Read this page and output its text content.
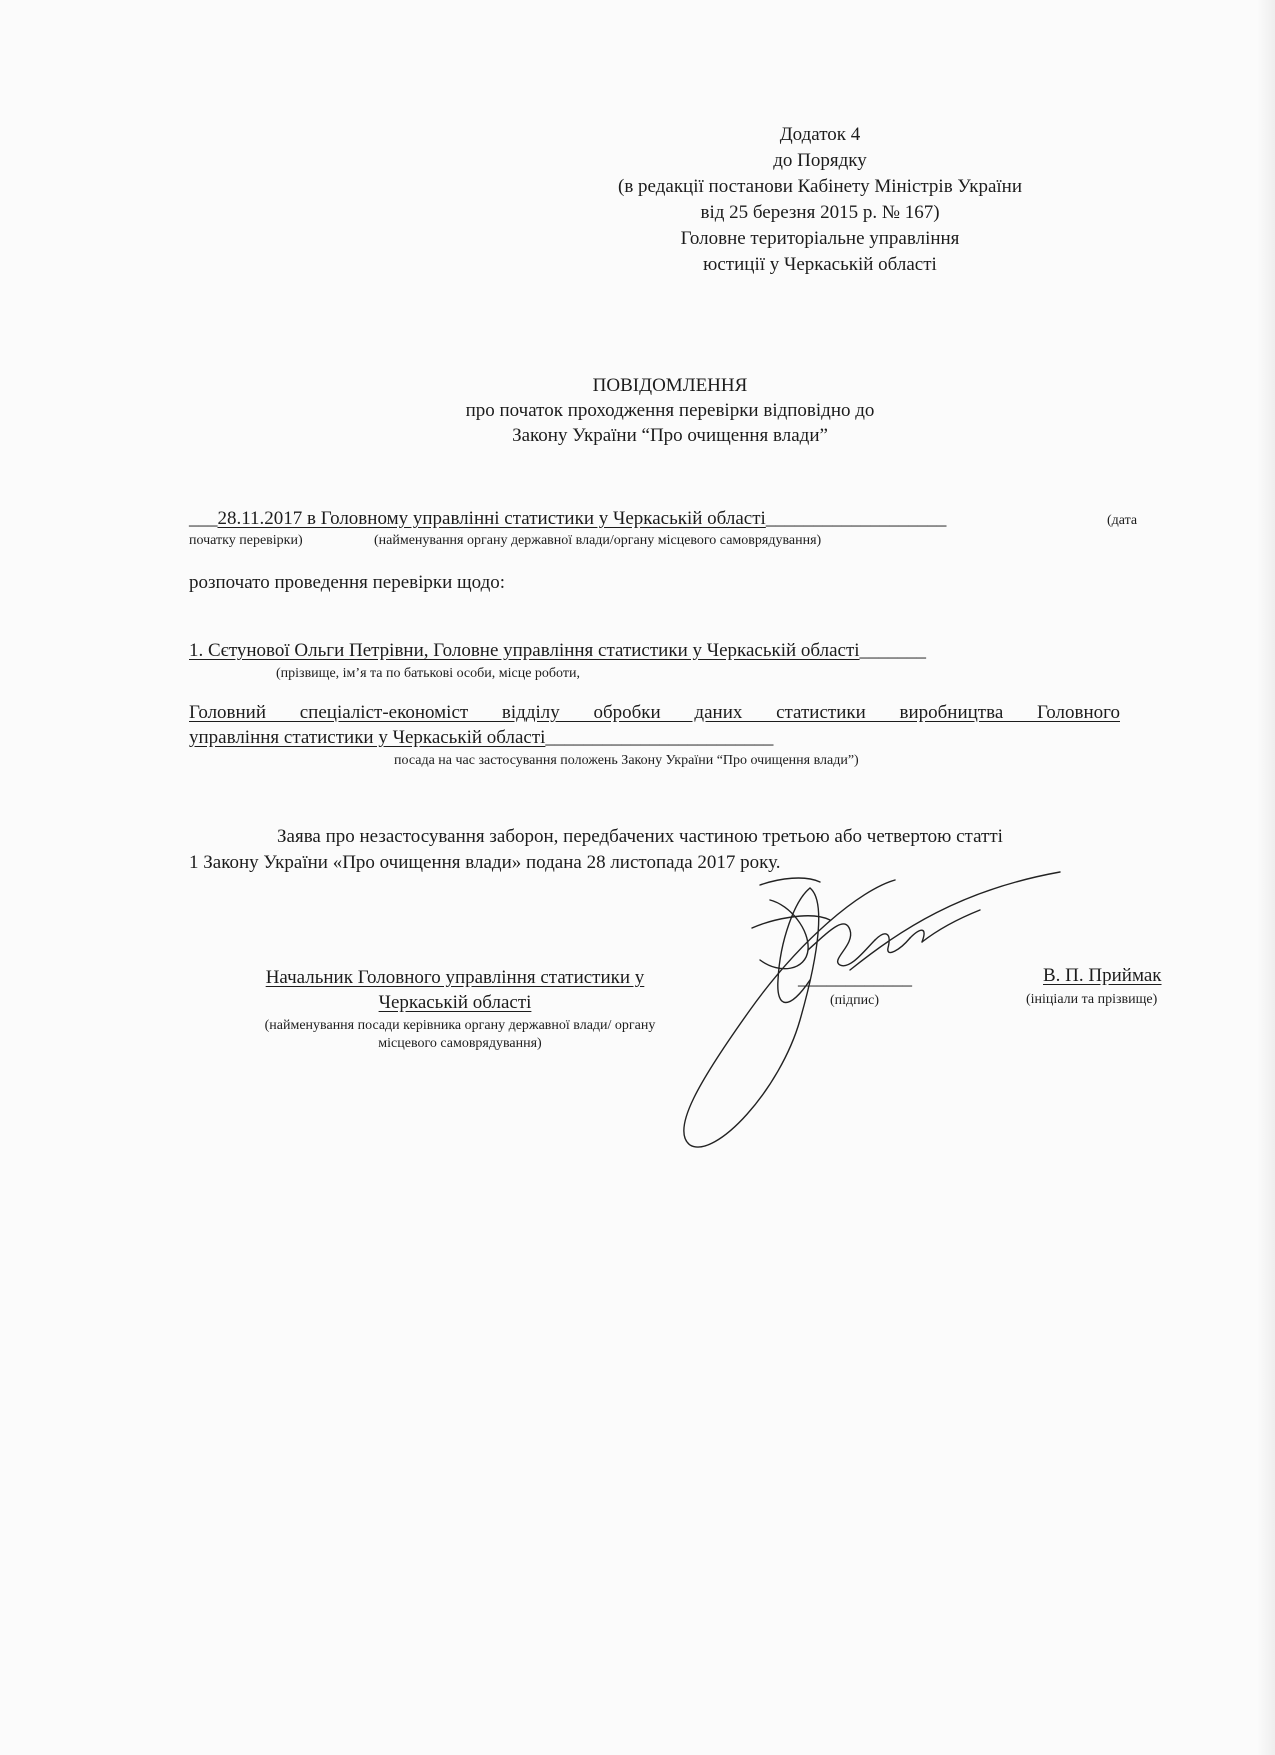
Додаток 4
до Порядку
(в редакції постанови Кабінету Міністрів України
від 25 березня 2015 р. № 167)
Головне територіальне управління
юстиції у Черкаській області
ПОВІДОМЛЕННЯ
про початок проходження перевірки відповідно до
Закону України “Про очищення влади”
___28.11.2017 в Головному управлінні статистики у Черкаській області___________________	(дата
початку перевірки)	(найменування органу державної влади/органу місцевого самоврядування)
розпочато проведення перевірки щодо:
1. Сєтунової Ольги Петрівни, Головне управління статистики у Черкаській області_______
(прізвище, ім’я та по батькові особи, місце роботи,
Головний спеціаліст-економіст відділу обробки даних статистики виробництва Головного
управління статистики у Черкаській області________________________
посада на час застосування положень Закону України “Про очищення влади”)
Заява про незастосування заборон, передбачених частиною третьою або четвертою статті
1 Закону України «Про очищення влади» подана 28 листопада 2017 року.
Начальник Головного управління статистики у
Черкаській області
(найменування посади керівника органу державної влади/ органу
місцевого самоврядування)
____________
(підпис)
В. П. Приймак
(ініціали та прізвище)
